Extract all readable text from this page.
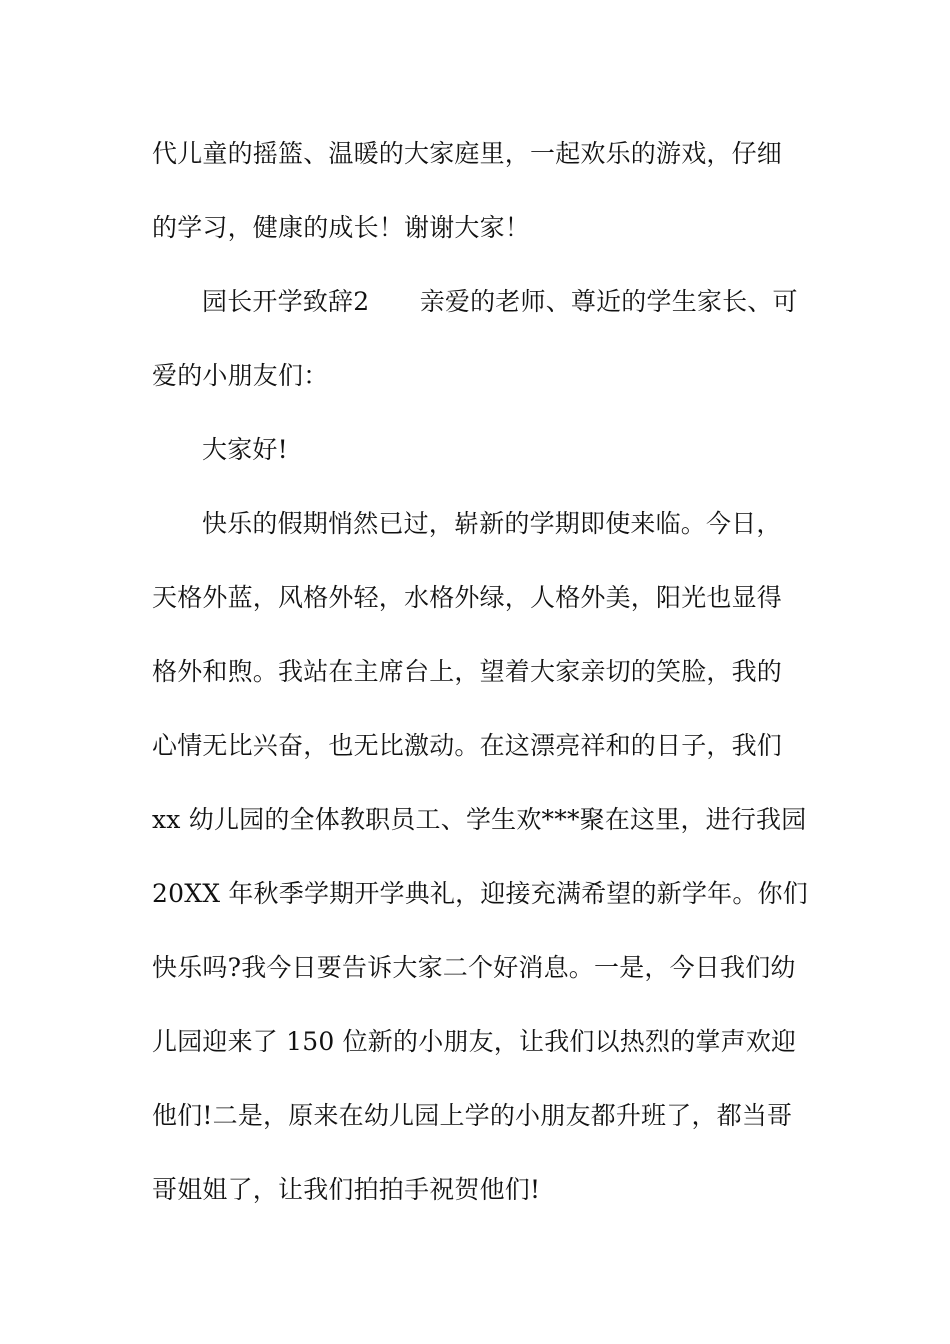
代儿童的摇篮、温暖的大家庭里，一起欢乐的游戏，仔细
的学习，健康的成长！谢谢大家！
园长开学致辞2　　亲爱的老师、尊近的学生家长、可
爱的小朋友们：
大家好!
快乐的假期悄然已过，崭新的学期即使来临。今日，
天格外蓝，风格外轻，水格外绿，人格外美，阳光也显得
格外和煦。我站在主席台上，望着大家亲切的笑脸，我的
心情无比兴奋，也无比激动。在这漂亮祥和的日子，我们
xx 幼儿园的全体教职员工、学生欢***聚在这里，进行我园
20XX 年秋季学期开学典礼，迎接充满希望的新学年。你们
快乐吗?我今日要告诉大家二个好消息。一是，今日我们幼
儿园迎来了 150 位新的小朋友，让我们以热烈的掌声欢迎
他们!二是，原来在幼儿园上学的小朋友都升班了，都当哥
哥姐姐了，让我们拍拍手祝贺他们!
